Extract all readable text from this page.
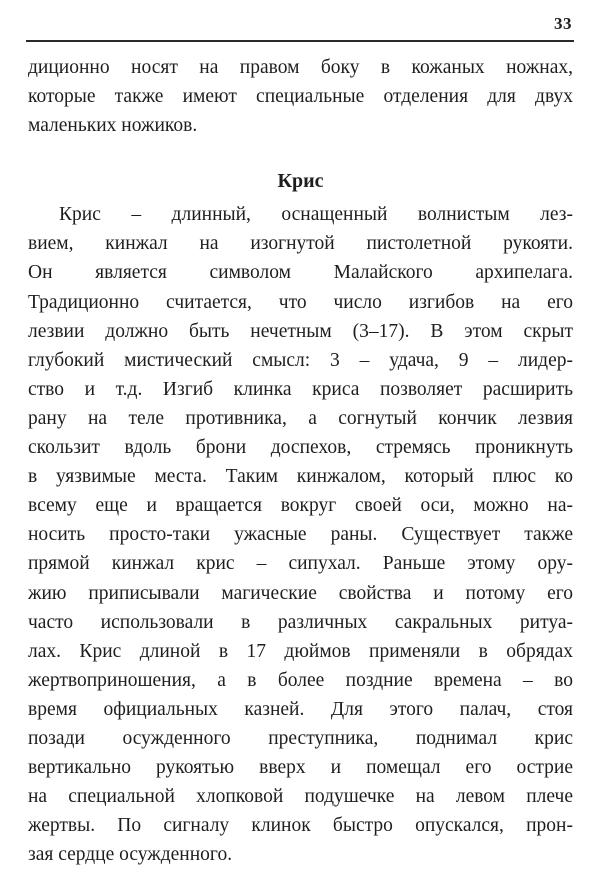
33
диционно носят на правом боку в кожаных ножнах,
которые также имеют специальные отделения для двух
маленьких ножиков.
Крис
Крис – длинный, оснащенный волнистым лез-
вием, кинжал на изогнутой пистолетной рукояти.
Он является символом Малайского архипелага.
Традиционно считается, что число изгибов на его
лезвии должно быть нечетным (3–17). В этом скрыт
глубокий мистический смысл: 3 – удача, 9 – лидер-
ство и т.д. Изгиб клинка криса позволяет расширить
рану на теле противника, а согнутый кончик лезвия
скользит вдоль брони доспехов, стремясь проникнуть
в уязвимые места. Таким кинжалом, который плюс ко
всему еще и вращается вокруг своей оси, можно на-
носить просто-таки ужасные раны. Существует также
прямой кинжал крис – сипухал. Раньше этому ору-
жию приписывали магические свойства и потому его
часто использовали в различных сакральных ритуа-
лах. Крис длиной в 17 дюймов применяли в обрядах
жертвоприношения, а в более поздние времена – во
время официальных казней. Для этого палач, стоя
позади осужденного преступника, поднимал крис
вертикально рукоятью вверх и помещал его острие
на специальной хлопковой подушечке на левом плече
жертвы. По сигналу клинок быстро опускался, прон-
зая сердце осужденного.
